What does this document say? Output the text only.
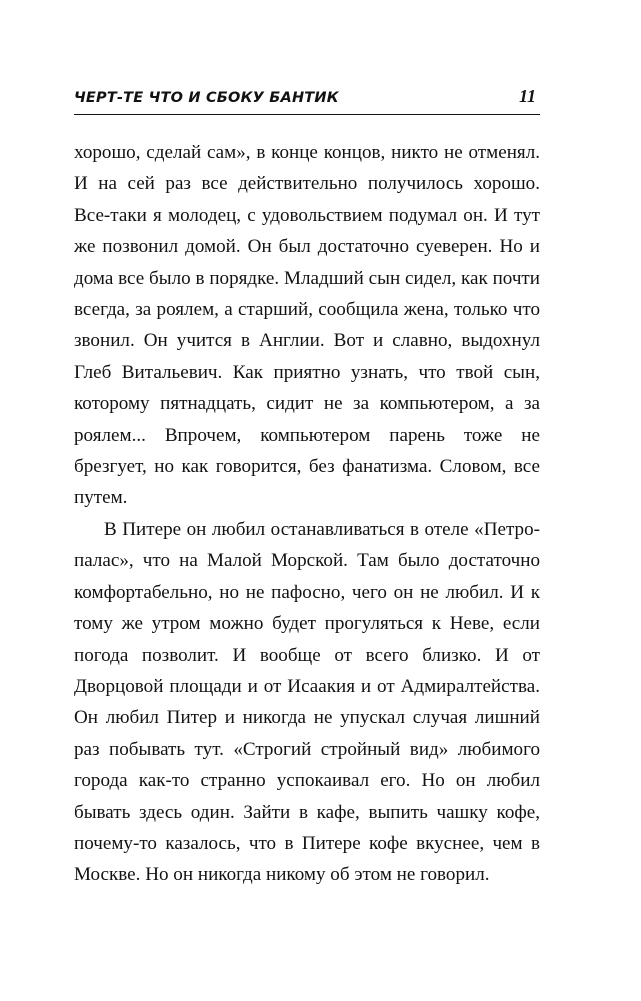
ЧЕРТ-ТЕ ЧТО И СБОКУ БАНТИК	11

хорошо, сделай сам», в конце концов, никто не отменял. И на сей раз все действительно получилось хорошо. Все-таки я молодец, с удовольствием подумал он. И тут же позвонил домой. Он был достаточно суеверен. Но и дома все было в порядке. Младший сын сидел, как почти всегда, за роялем, а старший, сообщила жена, только что звонил. Он учится в Англии. Вот и славно, выдохнул Глеб Витальевич. Как приятно узнать, что твой сын, которому пятнадцать, сидит не за компьютером, а за роялем... Впрочем, компьютером парень тоже не брезгует, но как говорится, без фанатизма. Словом, все путем.

В Питере он любил останавливаться в отеле «Петро-палас», что на Малой Морской. Там было достаточно комфортабельно, но не пафосно, чего он не любил. И к тому же утром можно будет прогуляться к Неве, если погода позволит. И вообще от всего близко. И от Дворцовой площади и от Исаакия и от Адмиралтейства. Он любил Питер и никогда не упускал случая лишний раз побывать тут. «Строгий стройный вид» любимого города как-то странно успокаивал его. Но он любил бывать здесь один. Зайти в кафе, выпить чашку кофе, почему-то казалось, что в Питере кофе вкуснее, чем в Москве. Но он никогда никому об этом не говорил.
